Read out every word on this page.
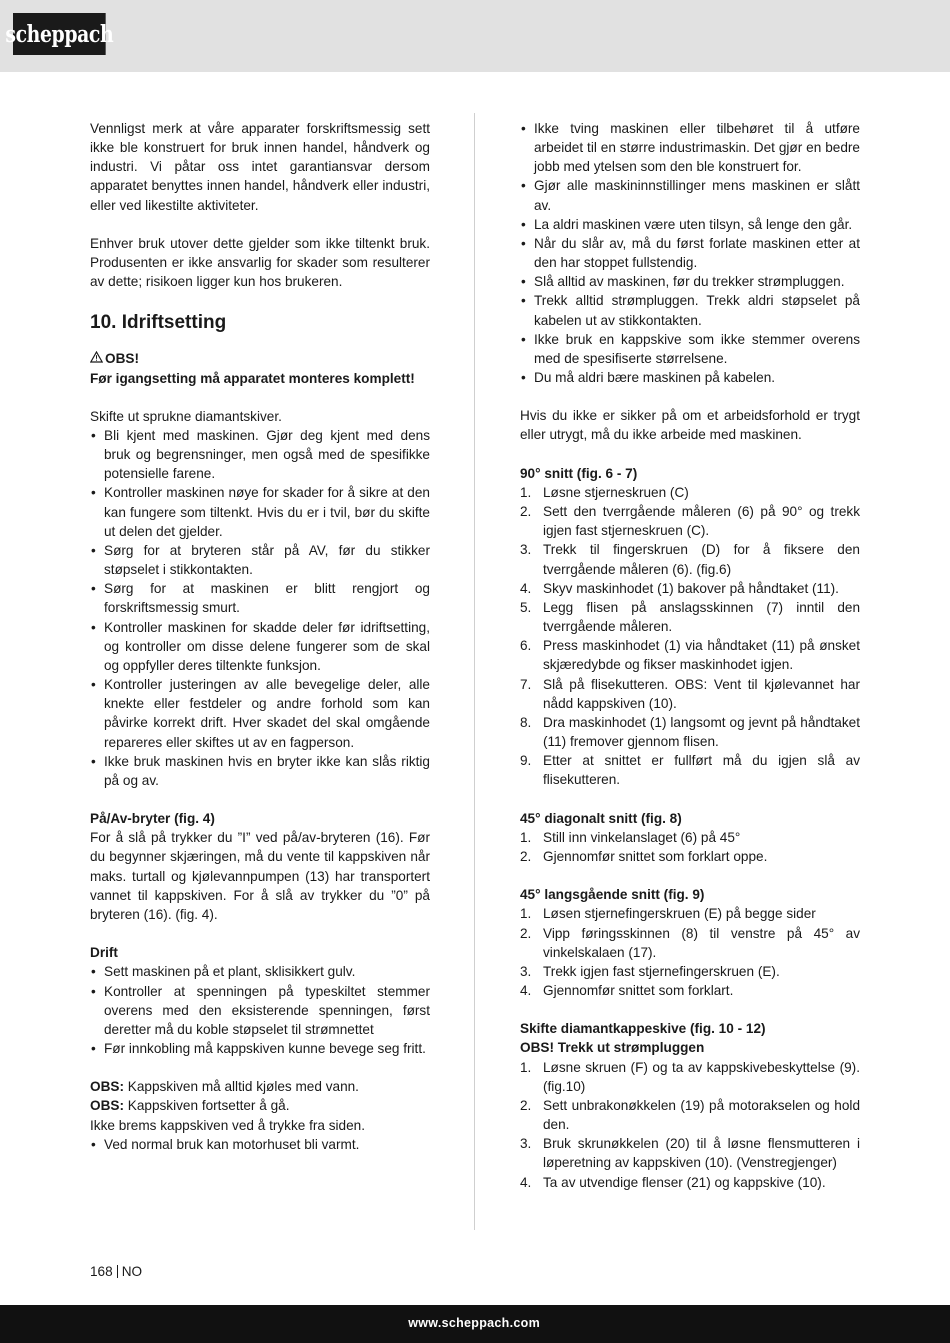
scheppach

Vennligst merk at våre apparater forskriftsmessig sett ikke ble konstruert for bruk innen handel, håndverk og industri. Vi påtar oss intet garantiansvar dersom apparatet benyttes innen handel, håndverk eller industri, eller ved likestilte aktiviteter.

Enhver bruk utover dette gjelder som ikke tiltenkt bruk. Produsenten er ikke ansvarlig for skader som resulterer av dette; risikoen ligger kun hos brukeren.

10. Idriftsetting

OBS!

Før igangsetting må apparatet monteres komplett!

Skifte ut sprukne diamantskiver.

• Bli kjent med maskinen. Gjør deg kjent med dens bruk og begrensninger, men også med de spesifikke potensielle farene.
• Kontroller maskinen nøye for skader for å sikre at den kan fungere som tiltenkt. Hvis du er i tvil, bør du skifte ut delen det gjelder.
• Sørg for at bryteren står på AV, før du stikker støpselet i stikkontakten.
• Sørg for at maskinen er blitt rengjort og forskriftsmessig smurt.
• Kontroller maskinen for skadde deler før idriftsetting, og kontroller om disse delene fungerer som de skal og oppfyller deres tiltenkte funksjon.
• Kontroller justeringen av alle bevegelige deler, alle knekte eller festdeler og andre forhold som kan påvirke korrekt drift. Hver skadet del skal omgående repareres eller skiftes ut av en fagperson.
• Ikke bruk maskinen hvis en bryter ikke kan slås riktig på og av.

På/Av-bryter (fig. 4)

For å slå på trykker du ”I” ved på/av-bryteren (16). Før du begynner skjæringen, må du vente til kappskiven når maks. turtall og kjølevannpumpen (13) har transportert vannet til kappskiven. For å slå av trykker du ”0” på bryteren (16). (fig. 4).

Drift

• Sett maskinen på et plant, sklisikkert gulv.
• Kontroller at spenningen på typeskiltet stemmer overens med den eksisterende spenningen, først deretter må du koble støpselet til strømnettet
• Før innkobling må kappskiven kunne bevege seg fritt.

OBS: Kappskiven må alltid kjøles med vann.

OBS: Kappskiven fortsetter å gå.

Ikke brems kappskiven ved å trykke fra siden.

• Ved normal bruk kan motorhuset bli varmt.
• Ikke tving maskinen eller tilbehøret til å utføre arbeidet til en større industrimaskin. Det gjør en bedre jobb med ytelsen som den ble konstruert for.
• Gjør alle maskininnstillinger mens maskinen er slått av.
• La aldri maskinen være uten tilsyn, så lenge den går.
• Når du slår av, må du først forlate maskinen etter at den har stoppet fullstendig.
• Slå alltid av maskinen, før du trekker strømpluggen.
• Trekk alltid strømpluggen. Trekk aldri støpselet på kabelen ut av stikkontakten.
• Ikke bruk en kappskive som ikke stemmer overens med de spesifiserte størrelsene.
• Du må aldri bære maskinen på kabelen.

Hvis du ikke er sikker på om et arbeidsforhold er trygt eller utrygt, må du ikke arbeide med maskinen.

90° snitt (fig. 6 - 7)

1. Løsne stjerneskruen (C)
2. Sett den tverrgående måleren (6) på 90° og trekk igjen fast stjerneskruen (C).
3. Trekk til fingerskruen (D) for å fiksere den tverrgående måleren (6). (fig.6)
4. Skyv maskinhodet (1) bakover på håndtaket (11).
5. Legg flisen på anslagsskinnen (7) inntil den tverrgående måleren.
6. Press maskinhodet (1) via håndtaket (11) på ønsket skjæredybde og fikser maskinhodet igjen.
7. Slå på flisekutteren. OBS: Vent til kjølevannet har nådd kappskiven (10).
8. Dra maskinhodet (1) langsomt og jevnt på håndtaket (11) fremover gjennom flisen.
9. Etter at snittet er fullført må du igjen slå av flisekutteren.

45° diagonalt snitt (fig. 8)

1. Still inn vinkelanslaget (6) på 45°
2. Gjennomfør snittet som forklart oppe.

45° langsgående snitt (fig. 9)

1. Løsen stjernefingerskruen (E) på begge sider
2. Vipp føringsskinnen (8) til venstre på 45° av vinkelskalaen (17).
3. Trekk igjen fast stjernefingerskruen (E).
4. Gjennomfør snittet som forklart.

Skifte diamantkappeskive (fig. 10 - 12)

OBS! Trekk ut strømpluggen

1. Løsne skruen (F) og ta av kappskivebeskyttelse (9).(fig.10)
2. Sett unbrakonøkkelen (19) på motorakselen og hold den.
3. Bruk skrunøkkelen (20) til å løsne flensmutteren i løperetning av kappskiven (10). (Venstregjenger)
4. Ta av utvendige flenser (21) og kappskive (10).
168 NO
www.scheppach.com
